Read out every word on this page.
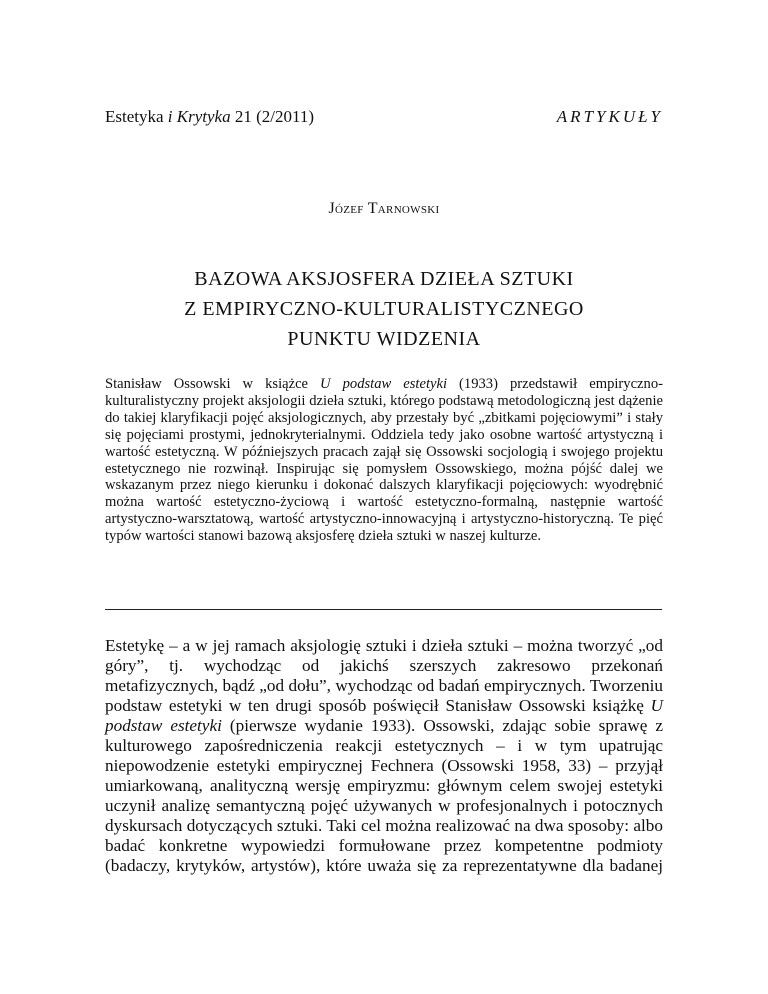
Estetyka i Krytyka 21 (2/2011)	ARTYKUŁY
Józef Tarnowski
BAZOWA AKSJOSFERA DZIEŁA SZTUKI
Z EMPIRYCZNO-KULTURALISTYCZNEGO
PUNKTU WIDZENIA
Stanisław Ossowski w książce U podstaw estetyki (1933) przedstawił empiryczno-kulturalistyczny projekt aksjologii dzieła sztuki, którego podstawą metodologiczną jest dążenie do takiej klaryfikacji pojęć aksjologicznych, aby przestały być „zbitkami pojęciowymi” i stały się pojęciami prostymi, jednokryterialnymi. Oddziela tedy jako osobne wartość artystyczną i wartość estetyczną. W późniejszych pracach zajął się Ossowski socjologią i swojego projektu estetycznego nie rozwinął. Inspirując się pomysłem Ossowskiego, można pójść dalej we wskazanym przez niego kierunku i dokonać dalszych klaryfikacji pojęciowych: wyodrębnić można wartość estetyczno-życiową i wartość estetyczno-formalną, następnie wartość artystyczno-warsztatową, wartość artystyczno-innowacyjną i artystyczno-historyczną. Te pięć typów wartości stanowi bazową aksjosferę dzieła sztuki w naszej kulturze.
Estetykę – a w jej ramach aksjologię sztuki i dzieła sztuki – można tworzyć „od góry”, tj. wychodząc od jakichś szerszych zakresowo przekonań metafizycznych, bądź „od dołu”, wychodząc od badań empirycznych. Tworzeniu podstaw estetyki w ten drugi sposób poświęcił Stanisław Ossowski książkę U podstaw estetyki (pierwsze wydanie 1933). Ossowski, zdając sobie sprawę z kulturowego zapośredniczenia reakcji estetycznych – i w tym upatrując niepowodzenie estetyki empirycznej Fechnera (Ossowski 1958, 33) – przyjął umiarkowaną, analityczną wersję empiryzmu: głównym celem swojej estetyki uczynił analizę semantyczną pojęć używanych w profesjonalnych i potocznych dyskursach dotyczących sztuki. Taki cel można realizować na dwa sposoby: albo badać konkretne wypowiedzi formułowane przez kompetentne podmioty (badaczy, krytyków, artystów), które uważa się za reprezentatywne dla badanej
